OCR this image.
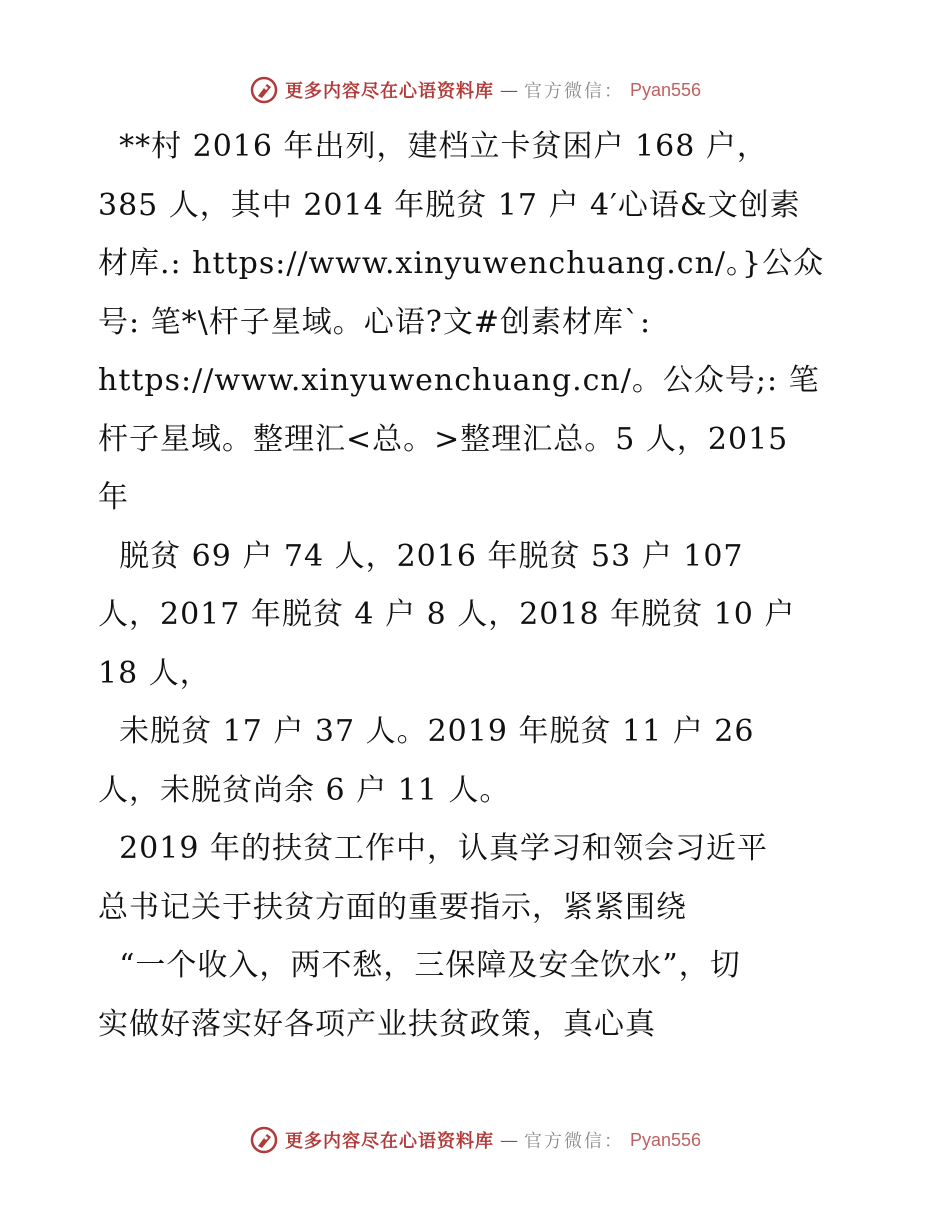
更多内容尽在心语资料库 — 官方微信： Pyan556
**村 2016 年出列，建档立卡贫困户 168 户，
385 人，其中 2014 年脱贫 17 户 4′心语&文创素
材库.: https://www.xinyuwenchuang.cn/。}公众
号: 笔*\杆子星域。心语?文#创素材库`:
https://www.xinyuwenchuang.cn/。公众号;: 笔
杆子星域。整理汇<总。>整理汇总。5 人，2015
年
脱贫 69 户 74 人，2016 年脱贫 53 户 107
人，2017 年脱贫 4 户 8 人，2018 年脱贫 10 户
18 人，
未脱贫 17 户 37 人。2019 年脱贫 11 户 26
人，未脱贫尚余 6 户 11 人。
2019 年的扶贫工作中，认真学习和领会习近平
总书记关于扶贫方面的重要指示，紧紧围绕
“一个收入，两不愁，三保障及安全饮水”，切
实做好落实好各项产业扶贫政策，真心真
更多内容尽在心语资料库 — 官方微信： Pyan556
